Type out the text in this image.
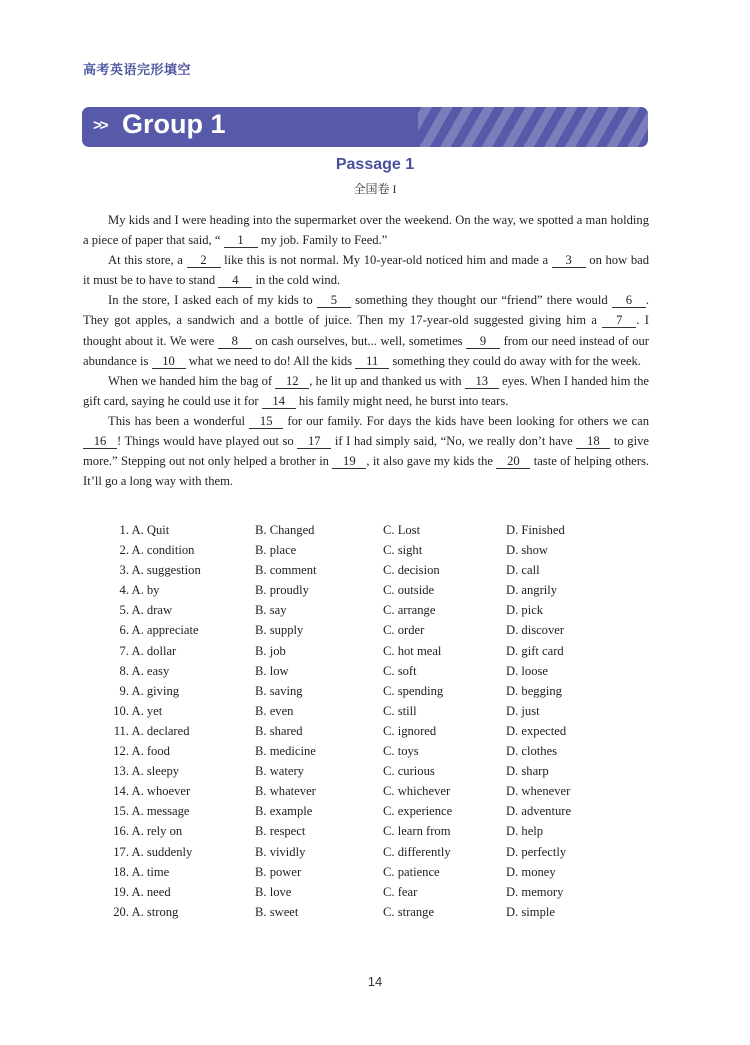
高考英语完形填空
>> Group 1
Passage 1
全国卷 I

My kids and I were heading into the supermarket over the weekend. On the way, we spotted a man holding a piece of paper that said, “ 1 my job. Family to Feed.”

At this store, a 2 like this is not normal. My 10-year-old noticed him and made a 3 on how bad it must be to have to stand 4 in the cold wind.

In the store, I asked each of my kids to 5 something they thought our “friend” there would 6 . They got apples, a sandwich and a bottle of juice. Then my 17-year-old suggested giving him a 7 . I thought about it. We were 8 on cash ourselves, but... well, sometimes 9 from our need instead of our abundance is 10 what we need to do! All the kids 11 something they could do away with for the week.

When we handed him the bag of 12 , he lit up and thanked us with 13 eyes. When I handed him the gift card, saying he could use it for 14 his family might need, he burst into tears.

This has been a wonderful 15 for our family. For days the kids have been looking for others we can 16 ! Things would have played out so 17 if I had simply said, “No, we really don’t have 18 to give more.” Stepping out not only helped a brother in 19 , it also gave my kids the 20 taste of helping others. It’ll go a long way with them.

1. A. Quit	B. Changed	C. Lost	D. Finished
2. A. condition	B. place	C. sight	D. show
3. A. suggestion	B. comment	C. decision	D. call
4. A. by	B. proudly	C. outside	D. angrily
5. A. draw	B. say	C. arrange	D. pick
6. A. appreciate	B. supply	C. order	D. discover
7. A. dollar	B. job	C. hot meal	D. gift card
8. A. easy	B. low	C. soft	D. loose
9. A. giving	B. saving	C. spending	D. begging
10. A. yet	B. even	C. still	D. just
11. A. declared	B. shared	C. ignored	D. expected
12. A. food	B. medicine	C. toys	D. clothes
13. A. sleepy	B. watery	C. curious	D. sharp
14. A. whoever	B. whatever	C. whichever	D. whenever
15. A. message	B. example	C. experience	D. adventure
16. A. rely on	B. respect	C. learn from	D. help
17. A. suddenly	B. vividly	C. differently	D. perfectly
18. A. time	B. power	C. patience	D. money
19. A. need	B. love	C. fear	D. memory
20. A. strong	B. sweet	C. strange	D. simple
14
